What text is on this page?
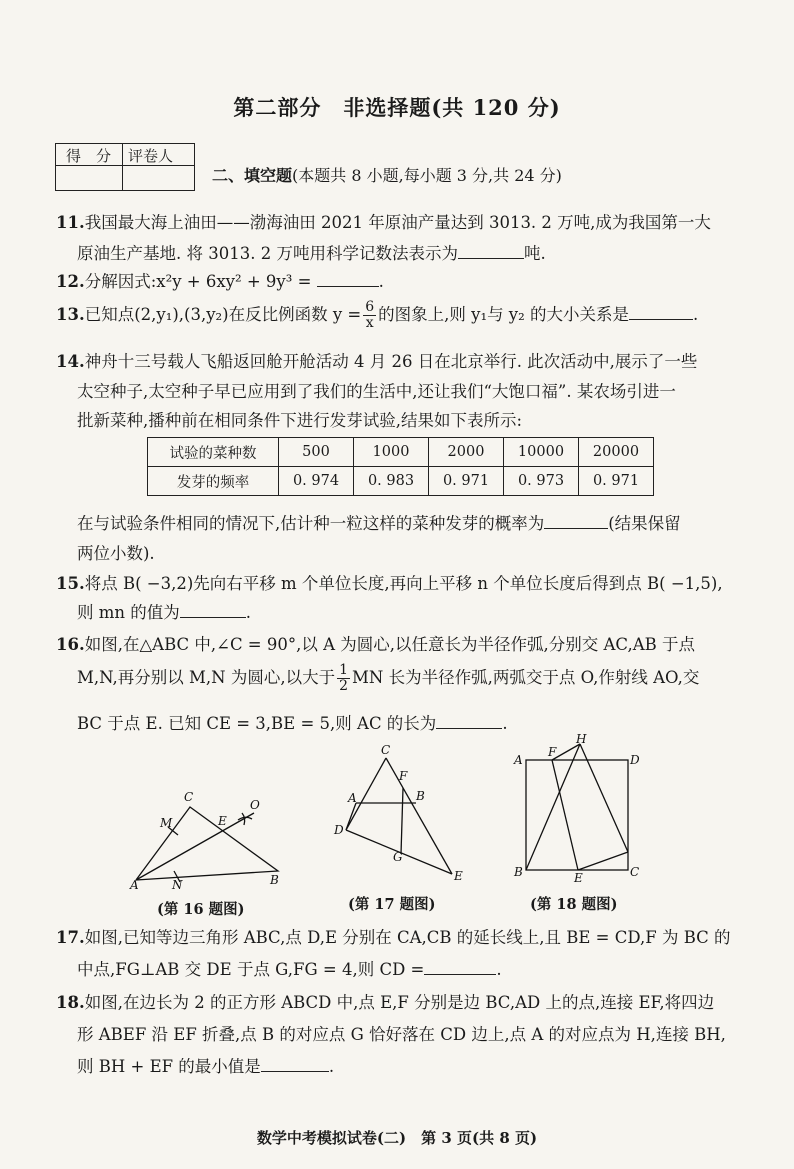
第二部分　非选择题(共 120 分)
得　分 评卷人
二、填空题(本题共 8 小题,每小题 3 分,共 24 分)
11.我国最大海上油田——渤海油田 2021 年原油产量达到 3013. 2 万吨,成为我国第一大
原油生产基地. 将 3013. 2 万吨用科学记数法表示为	吨.
12.分解因式:x²y + 6xy² + 9y³ =	.
13.已知点(2,y₁),(3,y₂)在反比例函数 $y = \frac{6}{x}$ 的图象上,则 y₁与 y₂ 的大小关系是	.
14.神舟十三号载人飞船返回舱开舱活动 4 月 26 日在北京举行. 此次活动中,展示了一些
太空种子,太空种子早已应用到了我们的生活中,还让我们“大饱口福”. 某农场引进一
批新菜种,播种前在相同条件下进行发芽试验,结果如下表所示:
试验的菜种数	500	1000	2000	10000	20000
发芽的频率	0. 974	0. 983	0. 971	0. 973	0. 971
在与试验条件相同的情况下,估计种一粒这样的菜种发芽的概率为	(结果保留
两位小数).
15.将点 B( −3,2)先向右平移 m 个单位长度,再向上平移 n 个单位长度后得到点 B( −1,5),
则 mn 的值为	.
16.如图,在△ABC 中,∠C = 90°,以 A 为圆心,以任意长为半径作弧,分别交 AC,AB 于点
M,N,再分别以 M,N 为圆心,以大于 $\frac{1}{2}$ MN 长为半径作弧,两弧交于点 O,作射线 AO,交
BC 于点 E. 已知 CE = 3,BE = 5,则 AC 的长为	.
C
M
O
E
A	N	B
(第 16 题图)
C
F
A	B
D
G
E
(第 17 题图)
H
A
F
D
B	E	C
(第 18 题图)
17.如图,已知等边三角形 ABC,点 D,E 分别在 CA,CB 的延长线上,且 BE = CD,F 为 BC 的
中点,FG⊥AB 交 DE 于点 G,FG = 4,则 CD =	.
18.如图,在边长为 2 的正方形 ABCD 中,点 E,F 分别是边 BC,AD 上的点,连接 EF,将四边
形 ABEF 沿 EF 折叠,点 B 的对应点 G 恰好落在 CD 边上,点 A 的对应点为 H,连接 BH,
则 BH + EF 的最小值是	.
数学中考模拟试卷(二)　第 3 页(共 8 页)
